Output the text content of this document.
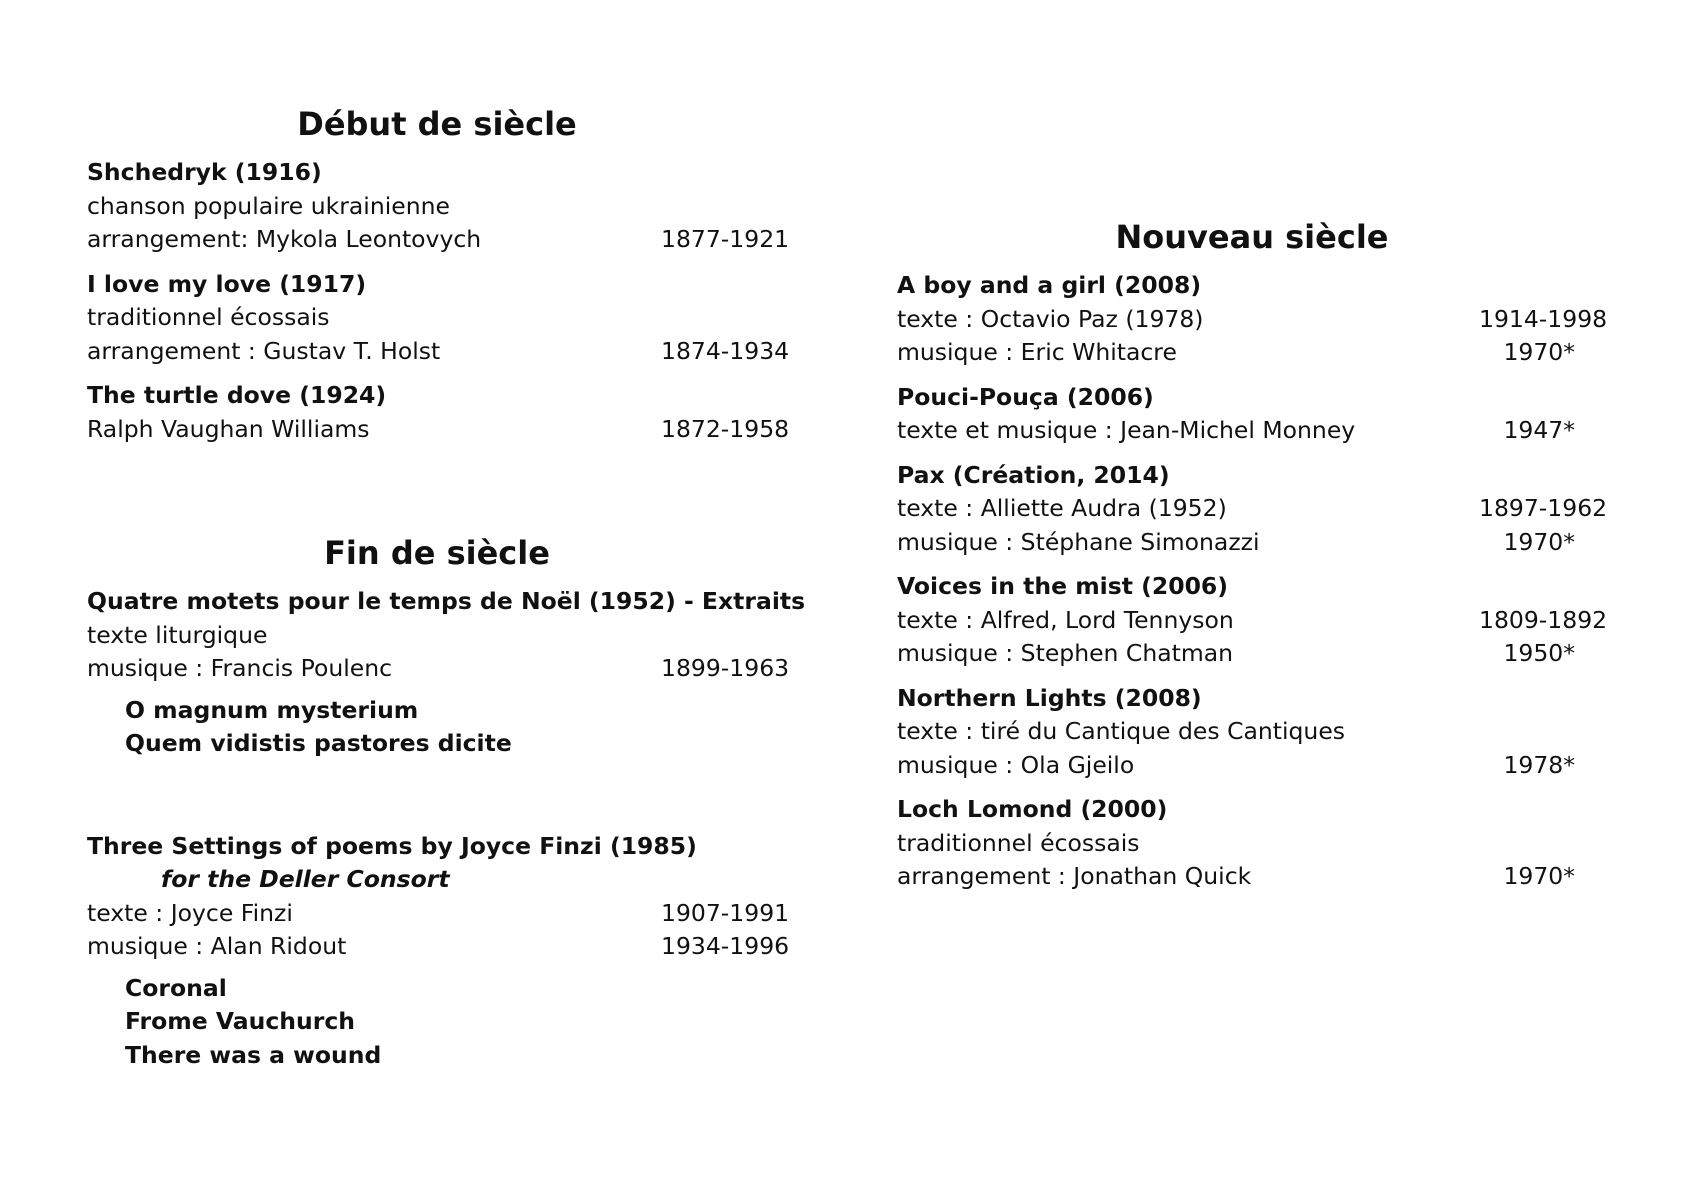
Début de siècle
Shchedryk (1916)
chanson populaire ukrainienne
arrangement: Mykola Leontovych	1877-1921
I love my love (1917)
traditionnel écossais
arrangement : Gustav T. Holst	1874-1934
The turtle dove (1924)
Ralph Vaughan Williams	1872-1958
Fin de siècle
Quatre motets pour le temps de Noël (1952) - Extraits
texte liturgique
musique : Francis Poulenc	1899-1963
O magnum mysterium
Quem vidistis pastores dicite
Three Settings of poems by Joyce Finzi (1985)
for the Deller Consort
texte : Joyce Finzi	1907-1991
musique : Alan Ridout	1934-1996
Coronal
Frome Vauchurch
There was a wound
Nouveau siècle
A boy and a girl (2008)
texte : Octavio Paz (1978)	1914-1998
musique : Eric Whitacre	1970*
Pouci-Pouça (2006)
texte et musique : Jean-Michel Monney	1947*
Pax (Création, 2014)
texte : Alliette Audra (1952)	1897-1962
musique : Stéphane Simonazzi	1970*
Voices in the mist (2006)
texte : Alfred, Lord Tennyson	1809-1892
musique : Stephen Chatman	1950*
Northern Lights (2008)
texte : tiré du Cantique des Cantiques
musique : Ola Gjeilo	1978*
Loch Lomond (2000)
traditionnel écossais
arrangement : Jonathan Quick	1970*
